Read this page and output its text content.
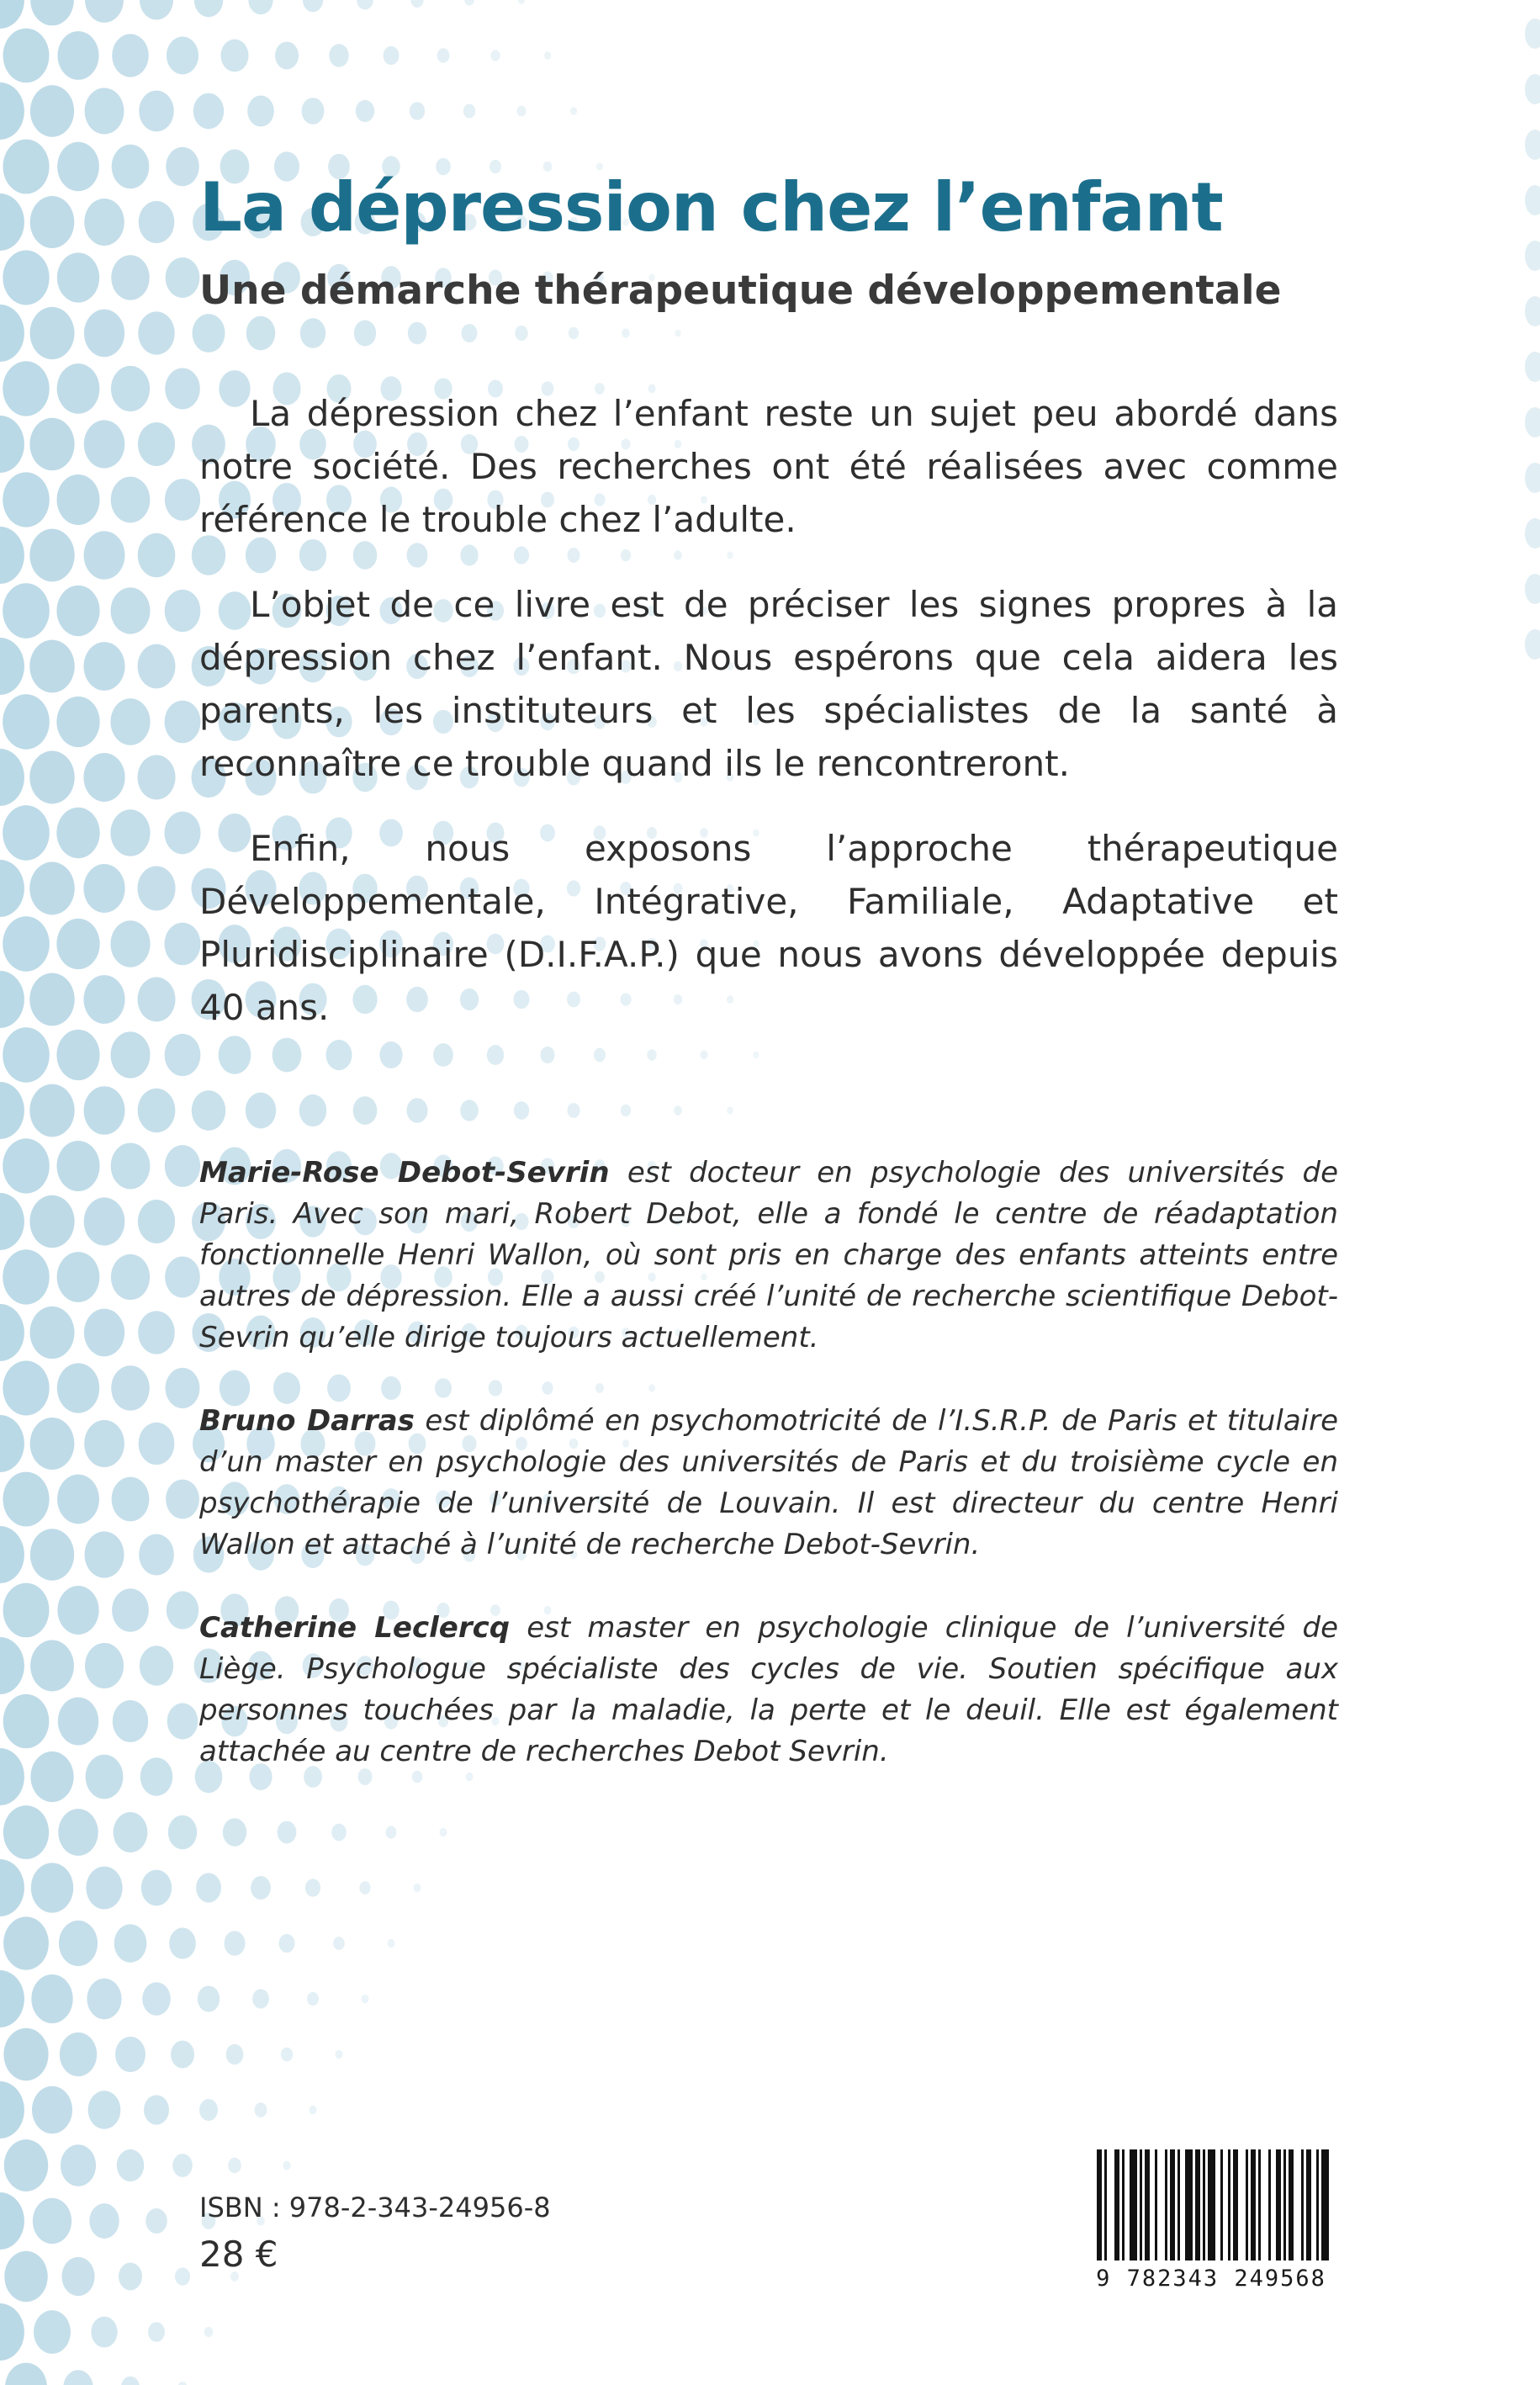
La dépression chez l’enfant
Une démarche thérapeutique développementale

La dépression chez l’enfant reste un sujet peu abordé dans notre société. Des recherches ont été réalisées avec comme référence le trouble chez l’adulte.

L’objet de ce livre est de préciser les signes propres à la dépression chez l’enfant. Nous espérons que cela aidera les parents, les instituteurs et les spécialistes de la santé à reconnaître ce trouble quand ils le rencontreront.

Enfin, nous exposons l’approche thérapeutique Développementale, Intégrative, Familiale, Adaptative et Pluridisciplinaire (D.I.F.A.P.) que nous avons développée depuis 40 ans.

Marie-Rose Debot-Sevrin est docteur en psychologie des universités de Paris. Avec son mari, Robert Debot, elle a fondé le centre de réadaptation fonctionnelle Henri Wallon, où sont pris en charge des enfants atteints entre autres de dépression. Elle a aussi créé l’unité de recherche scientifique Debot-Sevrin qu’elle dirige toujours actuellement.

Bruno Darras est diplômé en psychomotricité de l’I.S.R.P. de Paris et titulaire d’un master en psychologie des universités de Paris et du troisième cycle en psychothérapie de l’université de Louvain. Il est directeur du centre Henri Wallon et attaché à l’unité de recherche Debot-Sevrin.

Catherine Leclercq est master en psychologie clinique de l’université de Liège. Psychologue spécialiste des cycles de vie. Soutien spécifique aux personnes touchées par la maladie, la perte et le deuil. Elle est également attachée au centre de recherches Debot Sevrin.

ISBN : 978-2-343-24956-8
28 €
9 782343 249568
